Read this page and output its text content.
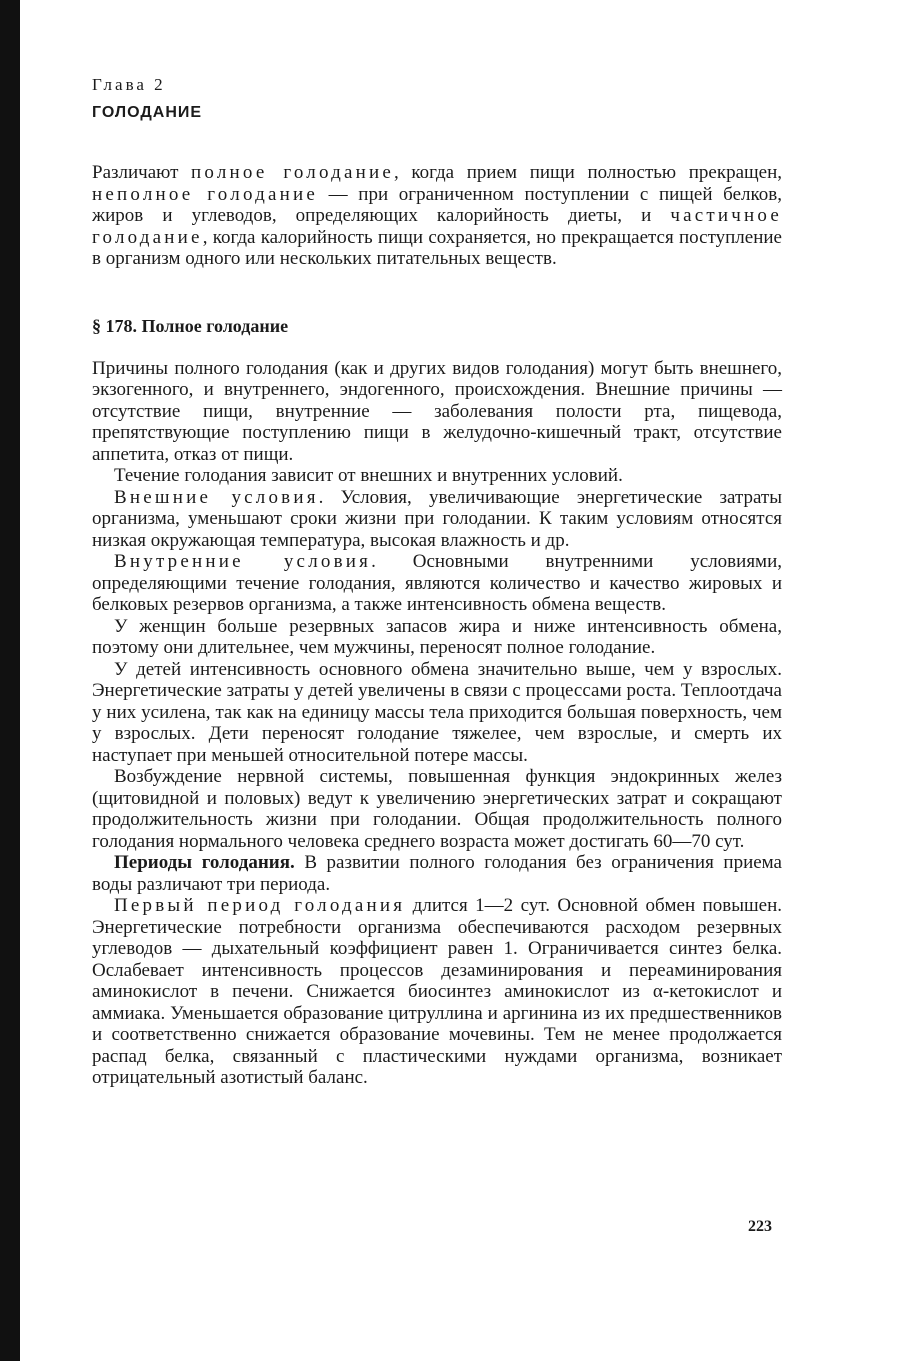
Глава 2
ГОЛОДАНИЕ

Различают полное голодание, когда прием пищи полностью прекращен, неполное голодание — при ограниченном поступлении с пищей белков, жиров и углеводов, определяющих калорийность диеты, и частичное голодание, когда калорийность пищи сохраняется, но прекращается поступление в организм одного или нескольких питательных веществ.

§ 178. Полное голодание

Причины полного голодания (как и других видов голодания) могут быть внешнего, экзогенного, и внутреннего, эндогенного, происхождения. Внешние причины — отсутствие пищи, внутренние — заболевания полости рта, пищевода, препятствующие поступлению пищи в желудочно-кишечный тракт, отсутствие аппетита, отказ от пищи.

Течение голодания зависит от внешних и внутренних условий.

Внешние условия. Условия, увеличивающие энергетические затраты организма, уменьшают сроки жизни при голодании. К таким условиям относятся низкая окружающая температура, высокая влажность и др.

Внутренние условия. Основными внутренними условиями, определяющими течение голодания, являются количество и качество жировых и белковых резервов организма, а также интенсивность обмена веществ.

У женщин больше резервных запасов жира и ниже интенсивность обмена, поэтому они длительнее, чем мужчины, переносят полное голодание.

У детей интенсивность основного обмена значительно выше, чем у взрослых. Энергетические затраты у детей увеличены в связи с процессами роста. Теплоотдача у них усилена, так как на единицу массы тела приходится большая поверхность, чем у взрослых. Дети переносят голодание тяжелее, чем взрослые, и смерть их наступает при меньшей относительной потере массы.

Возбуждение нервной системы, повышенная функция эндокринных желез (щитовидной и половых) ведут к увеличению энергетических затрат и сокращают продолжительность жизни при голодании. Общая продолжительность полного голодания нормального человека среднего возраста может достигать 60—70 сут.

Периоды голодания. В развитии полного голодания без ограничения приема воды различают три периода.

Первый период голодания длится 1—2 сут. Основной обмен повышен. Энергетические потребности организма обеспечиваются расходом резервных углеводов — дыхательный коэффициент равен 1. Ограничивается синтез белка. Ослабевает интенсивность процессов дезаминирования и переаминирования аминокислот в печени. Снижается биосинтез аминокислот из α-кетокислот и аммиака. Уменьшается образование цитруллина и аргинина из их предшественников и соответственно снижается образование мочевины. Тем не менее продолжается распад белка, связанный с пластическими нуждами организма, возникает отрицательный азотистый баланс.

223
